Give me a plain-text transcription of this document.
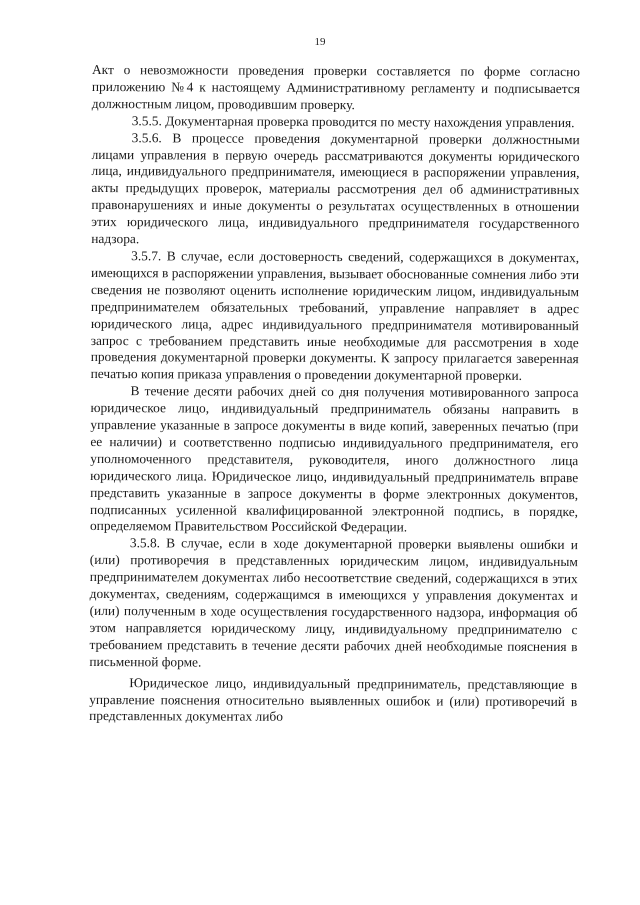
19

Акт о невозможности проведения проверки составляется по форме согласно приложению №4 к настоящему Административному регламенту и подписывается должностным лицом, проводившим проверку.

3.5.5. Документарная проверка проводится по месту нахождения управления.

3.5.6. В процессе проведения документарной проверки должностными лицами управления в первую очередь рассматриваются документы юридического лица, индивидуального предпринимателя, имеющиеся в распоряжении управления, акты предыдущих проверок, материалы рассмотрения дел об административных правонарушениях и иные документы о результатах осуществленных в отношении этих юридического лица, индивидуального предпринимателя государственного надзора.

3.5.7. В случае, если достоверность сведений, содержащихся в документах, имеющихся в распоряжении управления, вызывает обоснованные сомнения либо эти сведения не позволяют оценить исполнение юридическим лицом, индивидуальным предпринимателем обязательных требований, управление направляет в адрес юридического лица, адрес индивидуального предпринимателя мотивированный запрос с требованием представить иные необходимые для рассмотрения в ходе проведения документарной проверки документы. К запросу прилагается заверенная печатью копия приказа управления о проведении документарной проверки.

В течение десяти рабочих дней со дня получения мотивированного запроса юридическое лицо, индивидуальный предприниматель обязаны направить в управление указанные в запросе документы в виде копий, заверенных печатью (при ее наличии) и соответственно подписью индивидуального предпринимателя, его уполномоченного представителя, руководителя, иного должностного лица юридического лица. Юридическое лицо, индивидуальный предприниматель вправе представить указанные в запросе документы в форме электронных документов, подписанных усиленной квалифицированной электронной подпись, в порядке, определяемом Правительством Российской Федерации.

3.5.8. В случае, если в ходе документарной проверки выявлены ошибки и (или) противоречия в представленных юридическим лицом, индивидуальным предпринимателем документах либо несоответствие сведений, содержащихся в этих документах, сведениям, содержащимся в имеющихся у управления документах и (или) полученным в ходе осуществления государственного надзора, информация об этом направляется юридическому лицу, индивидуальному предпринимателю с требованием представить в течение десяти рабочих дней необходимые пояснения в письменной форме.

Юридическое лицо, индивидуальный предприниматель, представляющие в управление пояснения относительно выявленных ошибок и (или) противоречий в представленных документах либо
